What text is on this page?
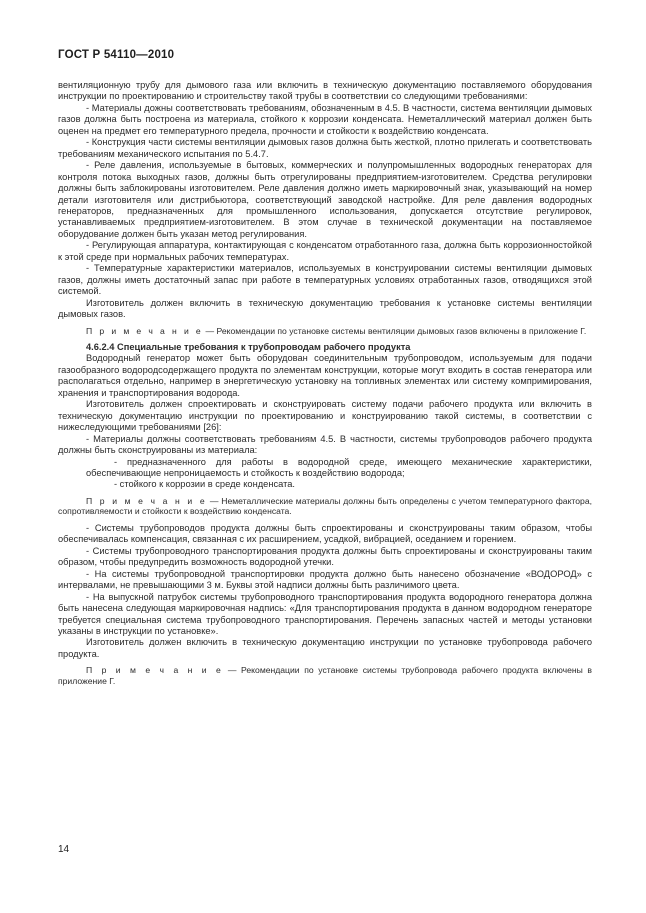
ГОСТ Р 54110—2010

вентиляционную трубу для дымового газа или включить в техническую документацию поставляемого оборудования инструкции по проектированию и строительству такой трубы в соответствии со следующими требованиями:

- Материалы дожны соответствовать требованиям, обозначенным в 4.5. В частности, система вентиляции дымовых газов должна быть построена из материала, стойкого к коррозии конденсата. Неметаллический материал должен быть оценен на предмет его температурного предела, прочности и стойкости к воздействию конденсата.

- Конструкция части системы вентиляции дымовых газов должна быть жесткой, плотно прилегать и соответствовать требованиям механического испытания по 5.4.7.

- Реле давления, используемые в бытовых, коммерческих и полупромышленных водородных генераторах для контроля потока выходных газов, должны быть отрегулированы предприятием-изготовителем. Средства регулировки должны быть заблокированы изготовителем. Реле давления должно иметь маркировочный знак, указывающий на номер детали изготовителя или дистрибьютора, соответствующий заводской настройке. Для реле давления водородных генераторов, предназначенных для промышленного использования, допускается отсутствие регулировок, устанавливаемых предприятием-изготовителем. В этом случае в технической документации на поставляемое оборудование должен быть указан метод регулирования.

- Регулирующая аппаратура, контактирующая с конденсатом отработанного газа, должна быть коррозионностойкой к этой среде при нормальных рабочих температурах.

- Температурные характеристики материалов, используемых в конструировании системы вентиляции дымовых газов, должны иметь достаточный запас при работе в температурных условиях отработанных газов, отводящихся этой системой.

Изготовитель должен включить в техническую документацию требования к установке системы вентиляции дымовых газов.

П р и м е ч а н и е — Рекомендации по установке системы вентиляции дымовых газов включены в приложение Г.

4.6.2.4 Специальные требования к трубопроводам рабочего продукта

Водородный генератор может быть оборудован соединительным трубопроводом, используемым для подачи газообразного водородсодержащего продукта по элементам конструкции, которые могут входить в состав генератора или располагаться отдельно, например в энергетическую установку на топливных элементах или систему компримирования, хранения и транспортирования водорода.

Изготовитель должен спроектировать и сконструировать систему подачи рабочего продукта или включить в техническую документацию инструкции по проектированию и конструированию такой системы, в соответствии с нижеследующими требованиями [26]:

- Материалы должны соответствовать требованиям 4.5. В частности, системы трубопроводов рабочего продукта должны быть сконструированы из материала:

- предназначенного для работы в водородной среде, имеющего механические характеристики, обеспечивающие непроницаемость и стойкость к воздействию водорода;

- стойкого к коррозии в среде конденсата.

П р и м е ч а н и е — Неметаллические материалы должны быть определены с учетом температурного фактора, сопротивляемости и стойкости к воздействию конденсата.

- Системы трубопроводов продукта должны быть спроектированы и сконструированы таким образом, чтобы обеспечивалась компенсация, связанная с их расширением, усадкой, вибрацией, оседанием и горением.

- Системы трубопроводного транспортирования продукта должны быть спроектированы и сконструированы таким образом, чтобы предупредить возможность водородной утечки.

- На системы трубопроводной транспортировки продукта должно быть нанесено обозначение «ВОДОРОД» с интервалами, не превышающими 3 м. Буквы этой надписи должны быть различимого цвета.

- На выпускной патрубок системы трубопроводного транспортирования продукта водородного генератора должна быть нанесена следующая маркировочная надпись: «Для транспортирования продукта в данном водородном генераторе требуется специальная система трубопроводного транспортирования. Перечень запасных частей и методы установки указаны в инструкции по установке».

Изготовитель должен включить в техническую документацию инструкции по установке трубопровода рабочего продукта.

П р и м е ч а н и е — Рекомендации по установке системы трубопровода рабочего продукта включены в приложение Г.

14
